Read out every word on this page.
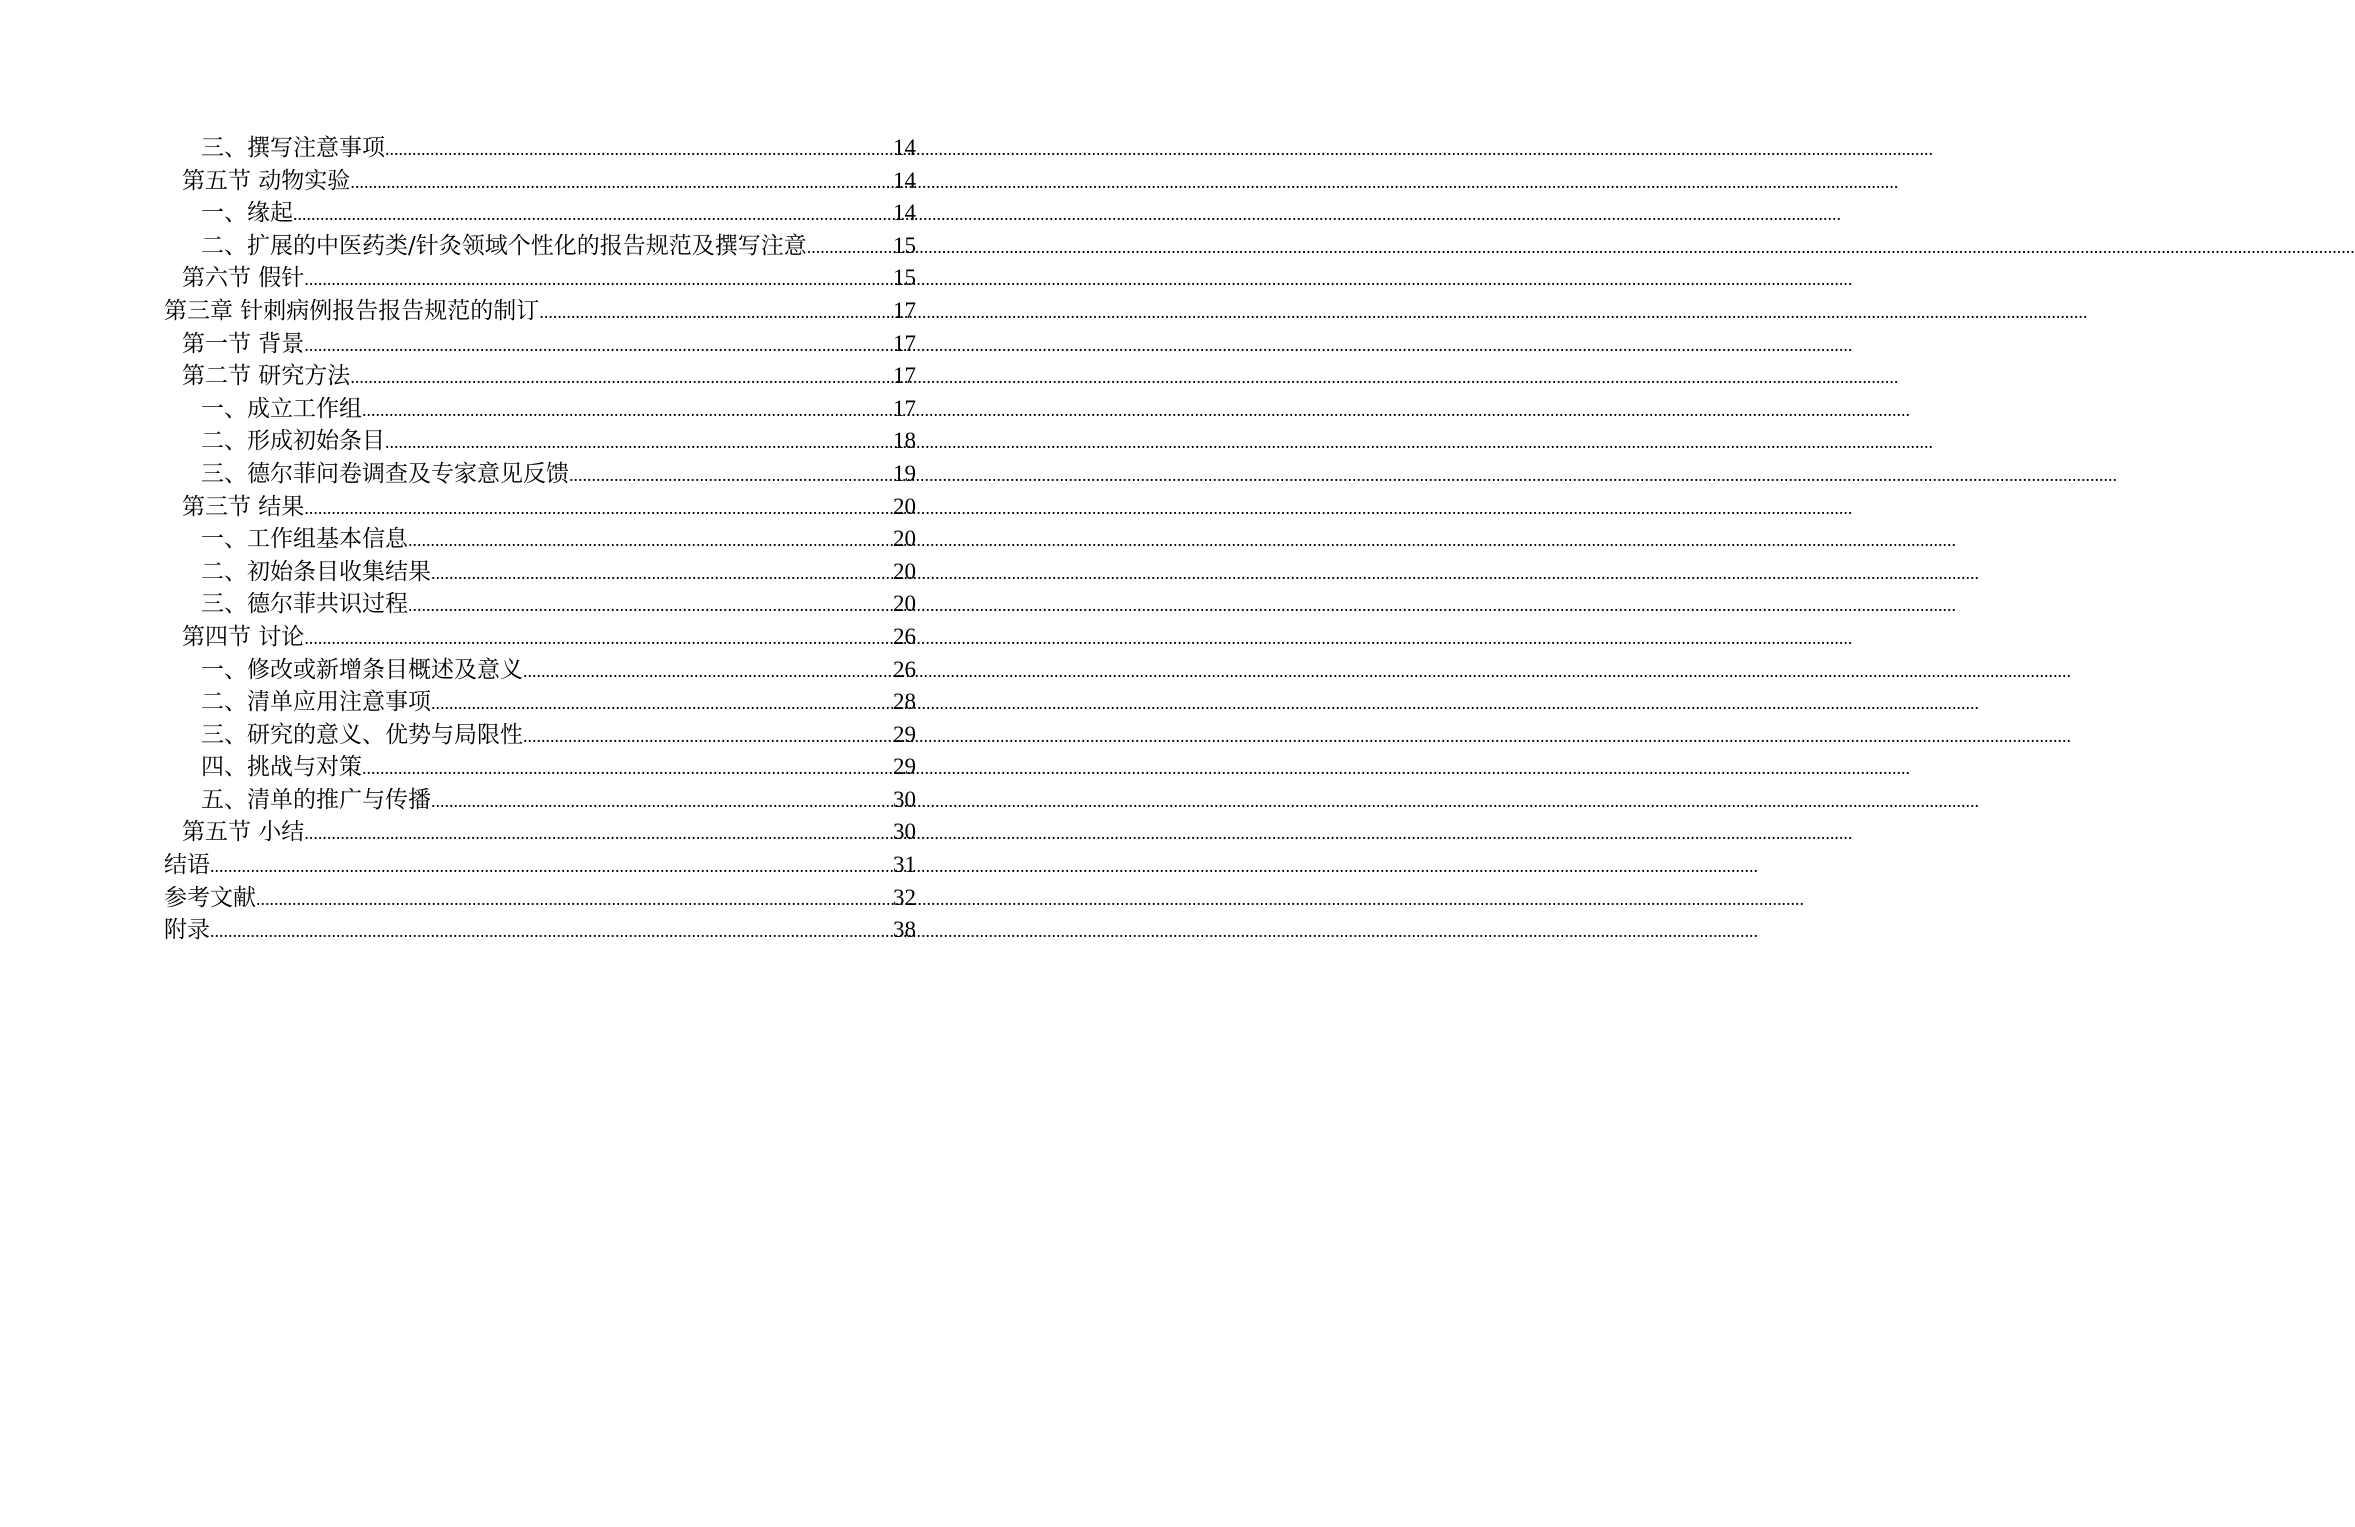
三、撰写注意事项 .....	14
第五节 动物实验 .....	14
一、缘起 .....	14
二、扩展的中医药类/针灸领域个性化的报告规范及撰写注意 .....	15
第六节 假针 .....	15
第三章 针刺病例报告报告规范的制订 .....	17
第一节 背景 .....	17
第二节 研究方法 .....	17
一、成立工作组 .....	17
二、形成初始条目 .....	18
三、德尔菲问卷调查及专家意见反馈 .....	19
第三节 结果 .....	20
一、工作组基本信息 .....	20
二、初始条目收集结果 .....	20
三、德尔菲共识过程 .....	20
第四节 讨论 .....	26
一、修改或新增条目概述及意义 .....	26
二、清单应用注意事项 .....	28
三、研究的意义、优势与局限性 .....	29
四、挑战与对策 .....	29
五、清单的推广与传播 .....	30
第五节 小结 .....	30
结语 .....	31
参考文献 .....	32
附录 .....	38
